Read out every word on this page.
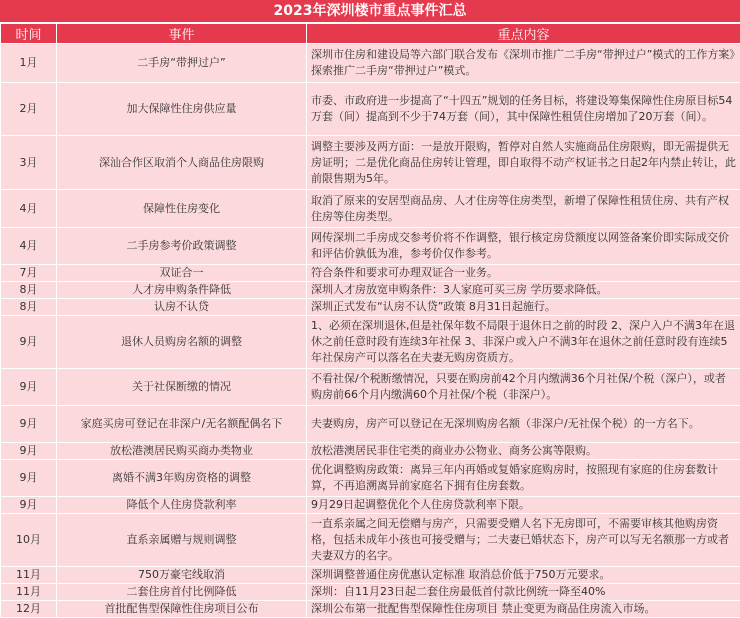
2023年深圳楼市重点事件汇总
时间	事件	重点内容
1月	二手房“带押过户”	深圳市住房和建设局等六部门联合发布《深圳市推广二手房“带押过户”模式的工作方案》探索推广二手房“带押过户”模式。
2月	加大保障性住房供应量	市委、市政府进一步提高了“十四五”规划的任务目标，将建设筹集保障性住房原目标54万套（间）提高到不少于74万套（间），其中保障性租赁住房增加了20万套（间）。
3月	深汕合作区取消个人商品住房限购	调整主要涉及两方面：一是放开限购，暂停对自然人实施商品住房限购，即无需提供无房证明；二是优化商品住房转让管理，即自取得不动产权证书之日起2年内禁止转让，此前限售期为5年。
4月	保障性住房变化	取消了原来的安居型商品房、人才住房等住房类型，新增了保障性租赁住房、共有产权住房等住房类型。
4月	二手房参考价政策调整	网传深圳二手房成交参考价将不作调整，银行核定房贷额度以网签备案价即实际成交价和评估价孰低为准，参考价仅作参考。
7月	双证合一	符合条件和要求可办理双证合一业务。
8月	人才房申购条件降低	深圳人才房放宽申购条件：3人家庭可买三房 学历要求降低。
8月	认房不认贷	深圳正式发布“认房不认贷”政策 8月31日起施行。
9月	退休人员购房名额的调整	1、必须在深圳退休,但是社保年数不局限于退休日之前的时段 2、深户入户不满3年在退休之前任意时段有连续3年社保 3、非深户或入户不满3年在退休之前任意时段有连续5年社保房产可以落名在夫妻无购房资质方。
9月	关于社保断缴的情况	不看社保/个税断缴情况，只要在购房前42个月内缴满36个月社保/个税（深户），或者购房前66个月内缴满60个月社保/个税（非深户）。
9月	家庭买房可登记在非深户/无名额配偶名下	夫妻购房，房产可以登记在无深圳购房名额（非深户/无社保个税）的一方名下。
9月	放松港澳居民购买商办类物业	放松港澳居民非住宅类的商业办公物业、商务公寓等限购。
9月	离婚不满3年购房资格的调整	优化调整购房政策：离异三年内再婚或复婚家庭购房时，按照现有家庭的住房套数计算，不再追溯离异前家庭名下拥有住房套数。
9月	降低个人住房贷款利率	9月29日起调整优化个人住房贷款利率下限。
10月	直系亲属赠与规则调整	一直系亲属之间无偿赠与房产，只需要受赠人名下无房即可，不需要审核其他购房资格，包括未成年小孩也可接受赠与；二夫妻已婚状态下，房产可以写无名额那一方或者夫妻双方的名字。
11月	750万豪宅线取消	深圳调整普通住房优惠认定标准 取消总价低于750万元要求。
11月	二套住房首付比例降低	深圳：自11月23日起二套住房最低首付款比例统一降至40%
12月	首批配售型保障性住房项目公布	深圳公布第一批配售型保障性住房项目 禁止变更为商品住房流入市场。
